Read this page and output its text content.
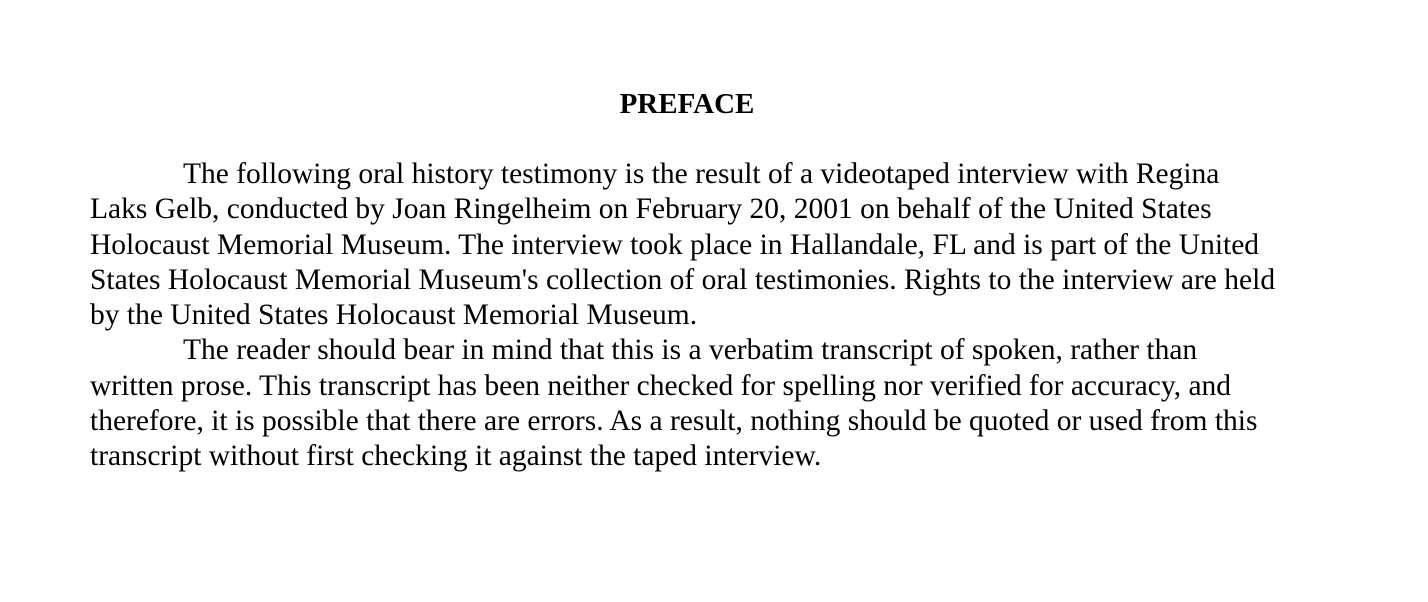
PREFACE

The following oral history testimony is the result of a videotaped interview with Regina
Laks Gelb, conducted by Joan Ringelheim on February 20, 2001 on behalf of the United States
Holocaust Memorial Museum. The interview took place in Hallandale, FL and is part of the United
States Holocaust Memorial Museum's collection of oral testimonies. Rights to the interview are held
by the United States Holocaust Memorial Museum.

The reader should bear in mind that this is a verbatim transcript of spoken, rather than
written prose. This transcript has been neither checked for spelling nor verified for accuracy, and
therefore, it is possible that there are errors. As a result, nothing should be quoted or used from this
transcript without first checking it against the taped interview.
